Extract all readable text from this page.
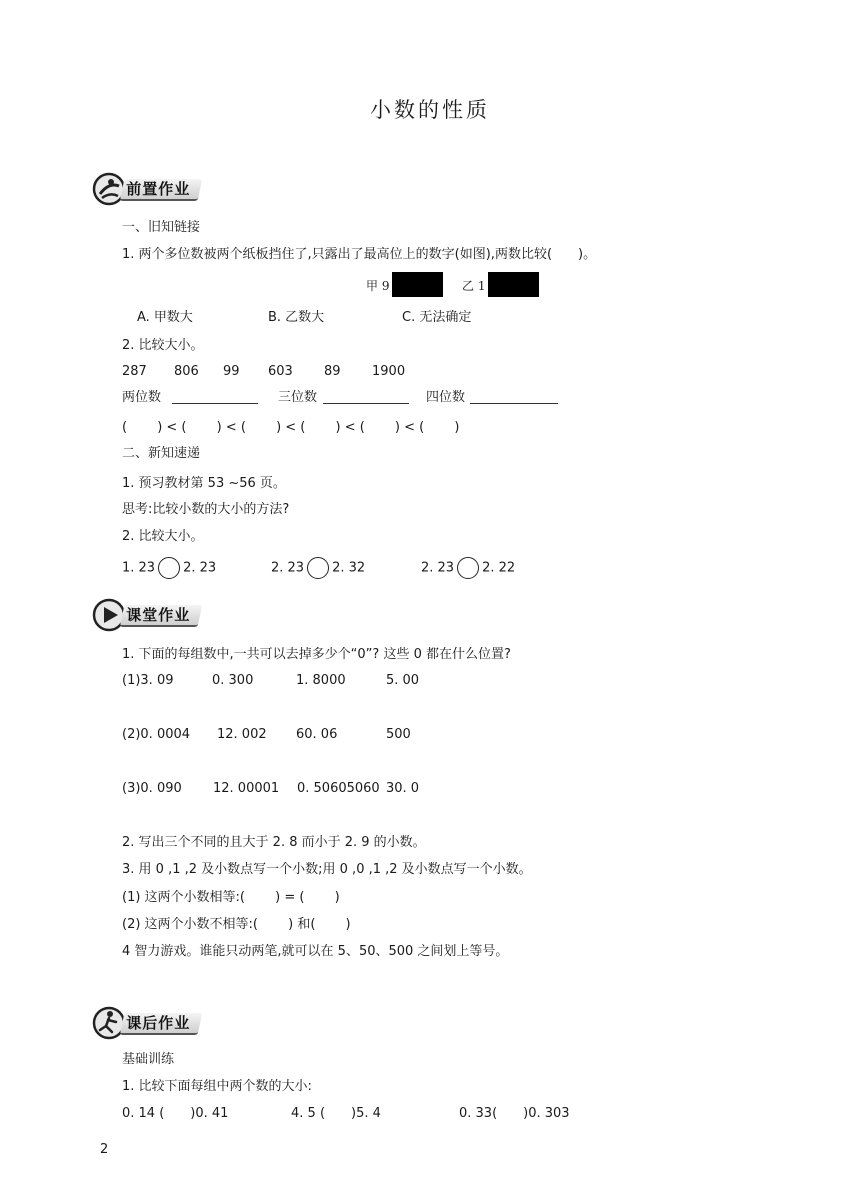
小数的性质
前置作业
一、旧知链接
1. 两个多位数被两个纸板挡住了,只露出了最高位上的数字(如图),两数比较(　　)。
甲 9	乙 1
A. 甲数大	B. 乙数大	C. 无法确定
2. 比较大小。
287 806 99 603 89 1900
两位数	三位数	四位数
(　　 ) < (　　 ) < (　　 ) < (　　 ) < (　　 ) < (　　 )
二、新知速递
1. 预习教材第 53 ~56 页。
思考:比较小数的大小的方法?
2. 比较大小。
1. 23 2. 23	2. 23 2. 32	2. 23 2. 22
课堂作业
1. 下面的每组数中,一共可以去掉多少个“0”? 这些 0 都在什么位置?
(1)3. 09	0. 300	1. 8000	5. 00
(2)0. 0004 12. 002 60. 06	500
(3)0. 090 12. 00001 0. 50605060 30. 0
2. 写出三个不同的且大于 2. 8 而小于 2. 9 的小数。
3. 用 0 ,1 ,2 及小数点写一个小数;用 0 ,0 ,1 ,2 及小数点写一个小数。
(1) 这两个小数相等:(　　 ) = (　　 )
(2) 这两个小数不相等:(　　 ) 和(　　 )
4 智力游戏。谁能只动两笔,就可以在 5、50、500 之间划上等号。
课后作业
基础训练
1. 比较下面每组中两个数的大小:
0. 14 (　　)0. 41	4. 5 (　　)5. 4	0. 33(　　)0. 303
2
